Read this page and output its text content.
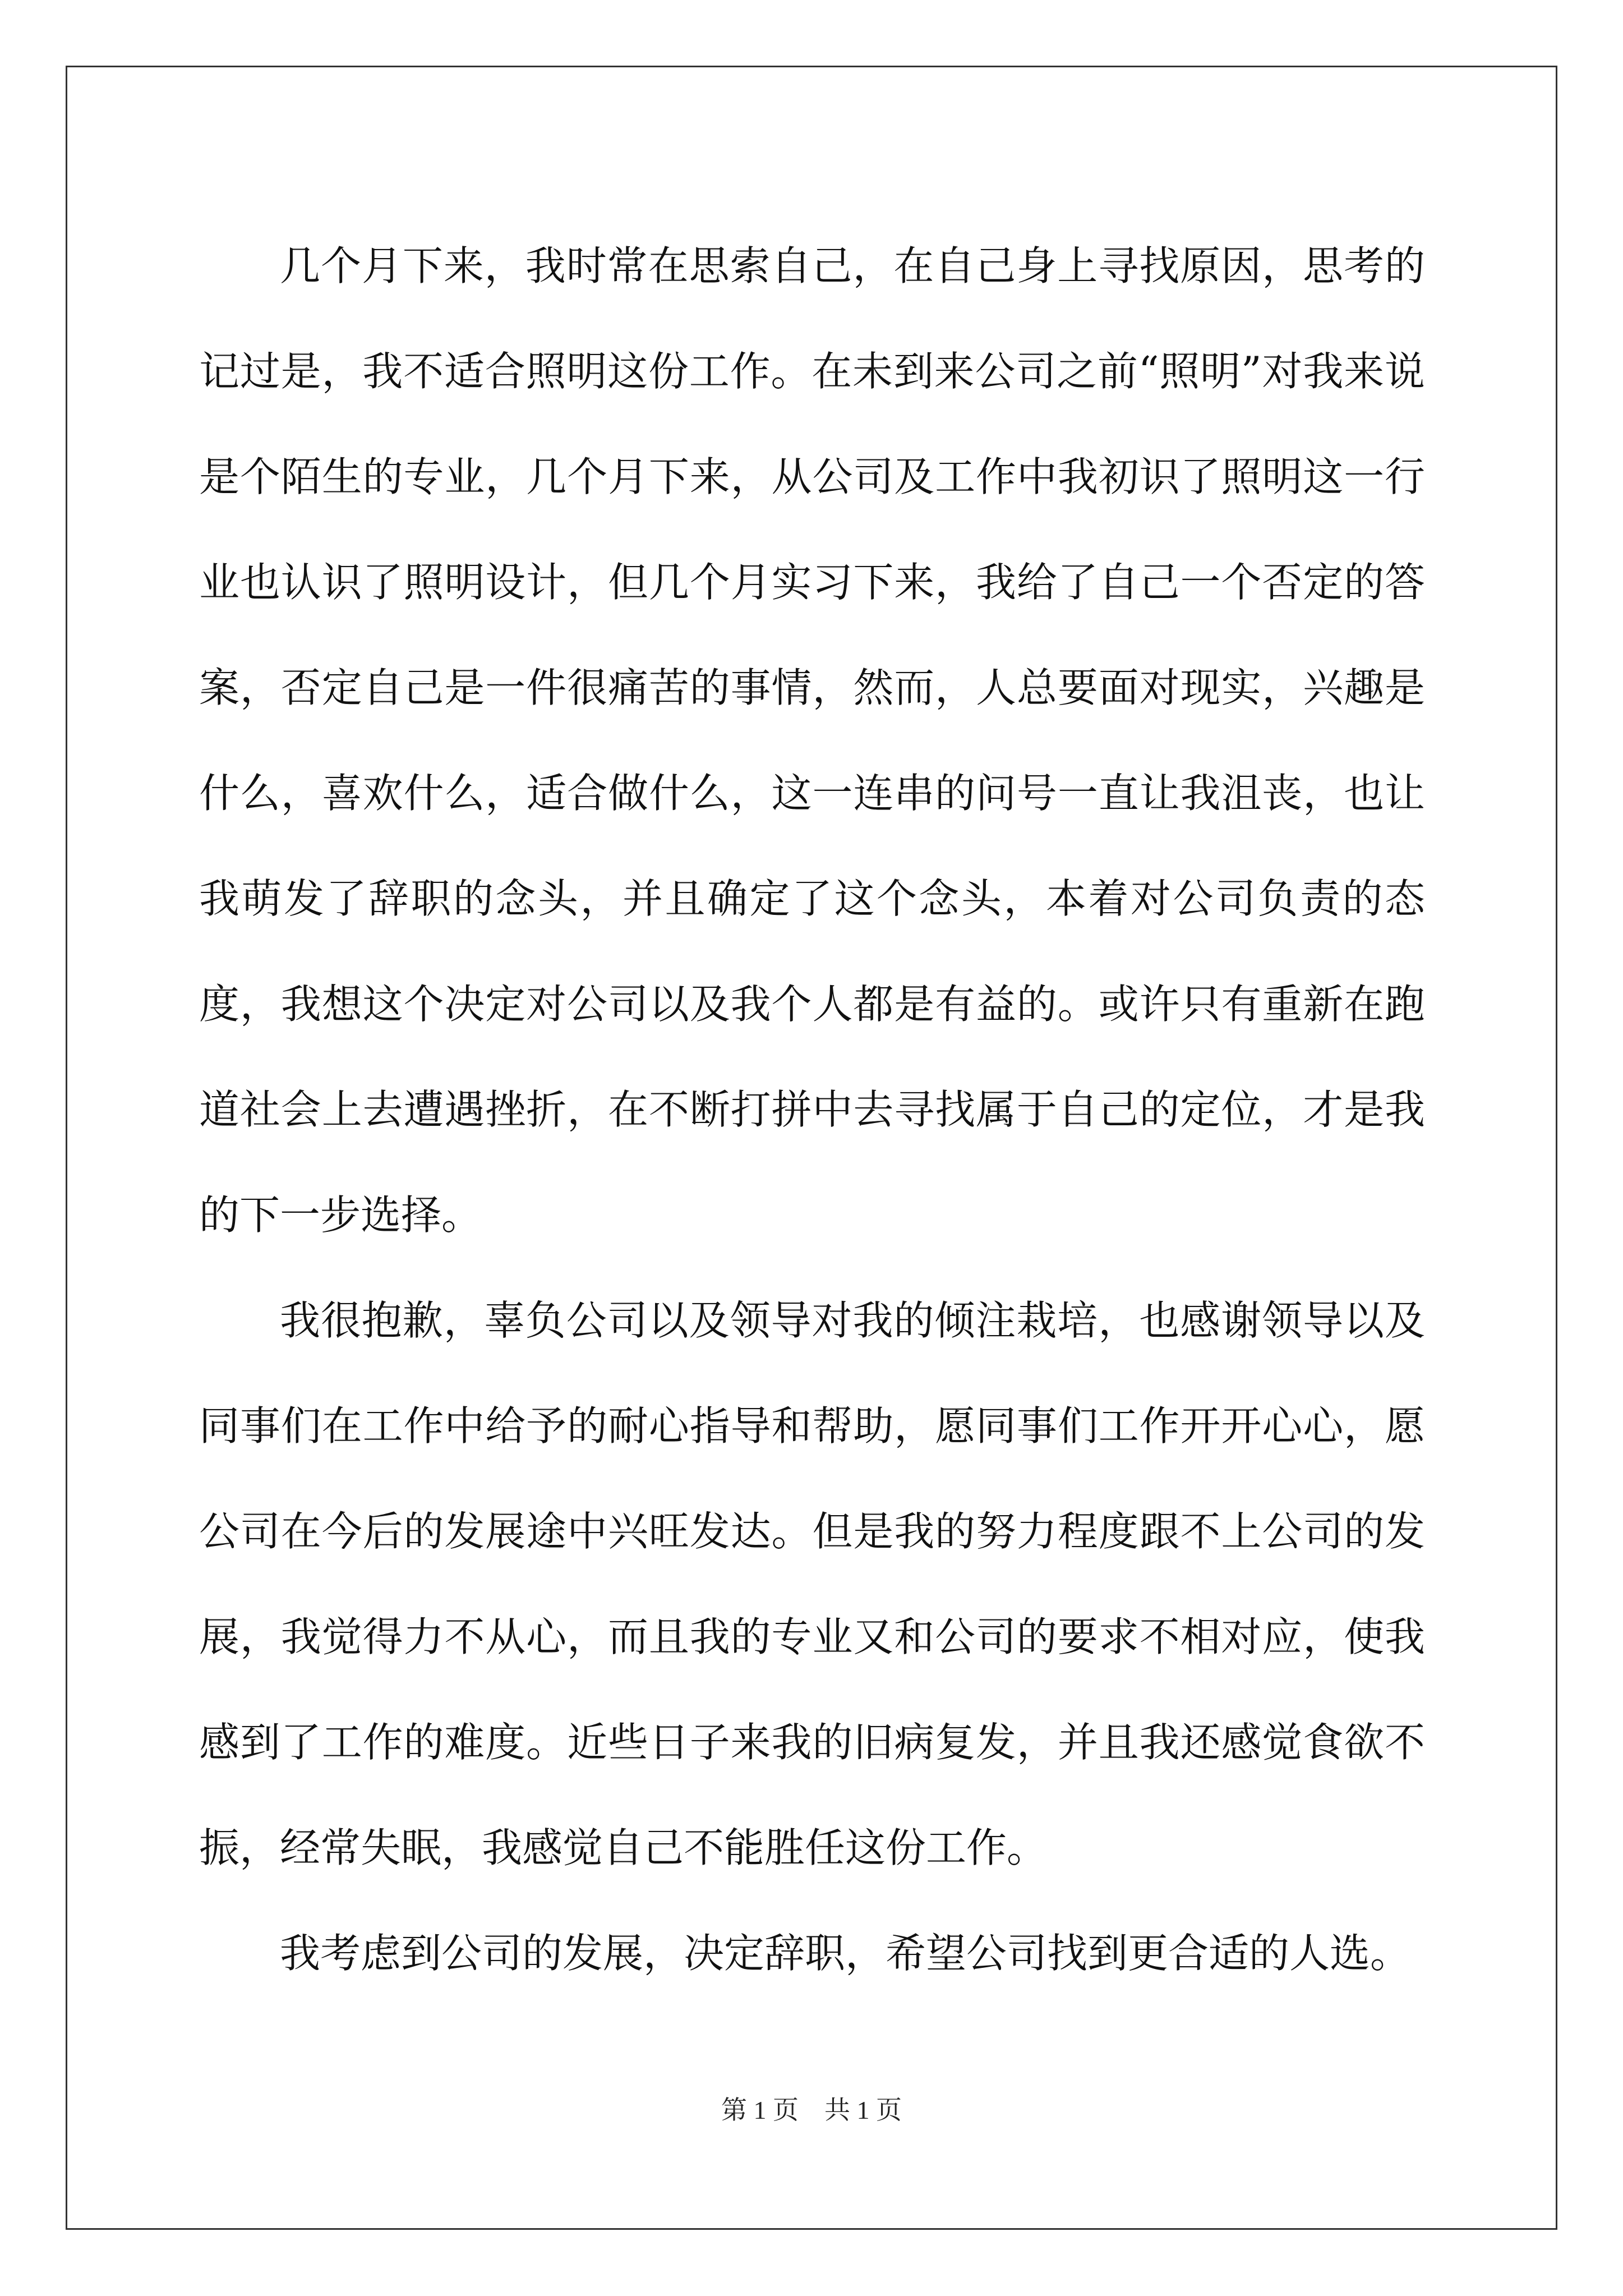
几个月下来，我时常在思索自己，在自己身上寻找原因，思考的记过是，我不适合照明这份工作。在未到来公司之前“照明”对我来说是个陌生的专业，几个月下来，从公司及工作中我初识了照明这一行业也认识了照明设计，但几个月实习下来，我给了自己一个否定的答案，否定自己是一件很痛苦的事情，然而，人总要面对现实，兴趣是什么，喜欢什么，适合做什么，这一连串的问号一直让我沮丧，也让我萌发了辞职的念头，并且确定了这个念头，本着对公司负责的态度，我想这个决定对公司以及我个人都是有益的。或许只有重新在跑道社会上去遭遇挫折，在不断打拼中去寻找属于自己的定位，才是我的下一步选择。

我很抱歉，辜负公司以及领导对我的倾注栽培，也感谢领导以及同事们在工作中给予的耐心指导和帮助，愿同事们工作开开心心，愿公司在今后的发展途中兴旺发达。但是我的努力程度跟不上公司的发展，我觉得力不从心，而且我的专业又和公司的要求不相对应，使我感到了工作的难度。近些日子来我的旧病复发，并且我还感觉食欲不振，经常失眠，我感觉自己不能胜任这份工作。

我考虑到公司的发展，决定辞职，希望公司找到更合适的人选。

第 1 页    共 1 页
